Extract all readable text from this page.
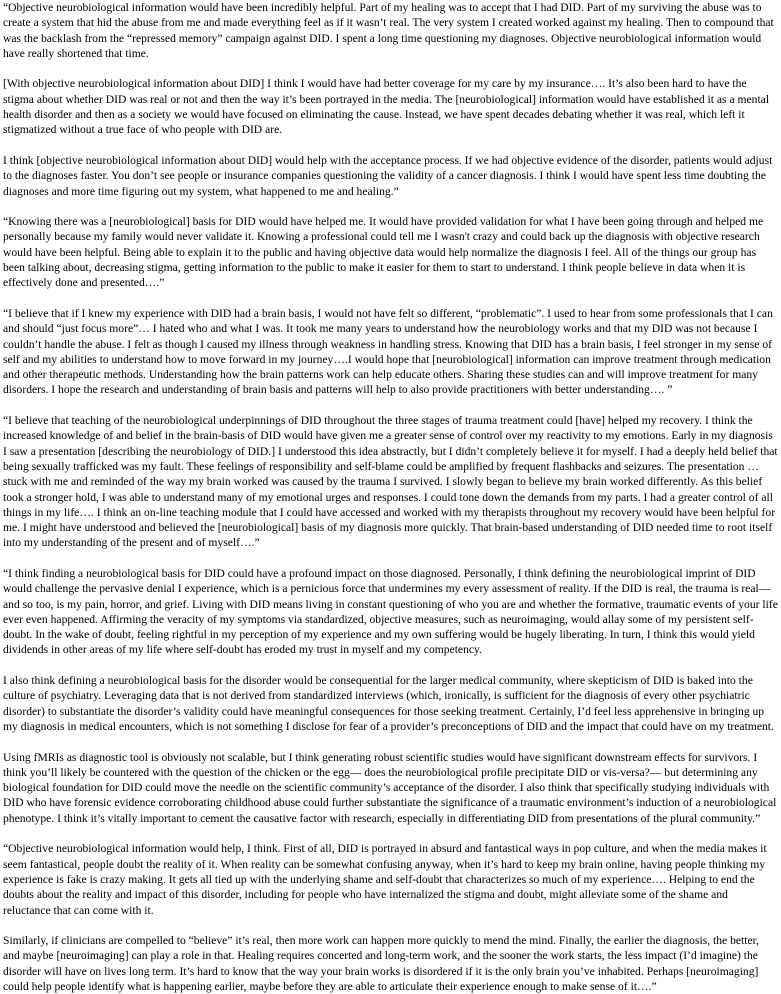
“Objective neurobiological information would have been incredibly helpful. Part of my healing was to accept that I had DID. Part of my surviving the abuse was to create a system that hid the abuse from me and made everything feel as if it wasn’t real. The very system I created worked against my healing. Then to compound that was the backlash from the “repressed memory” campaign against DID. I spent a long time questioning my diagnoses. Objective neurobiological information would have really shortened that time.

[With objective neurobiological information about DID] I think I would have had better coverage for my care by my insurance…. It’s also been hard to have the stigma about whether DID was real or not and then the way it’s been portrayed in the media. The [neurobiological] information would have established it as a mental health disorder and then as a society we would have focused on eliminating the cause. Instead, we have spent decades debating whether it was real, which left it stigmatized without a true face of who people with DID are.

I think [objective neurobiological information about DID] would help with the acceptance process. If we had objective evidence of the disorder, patients would adjust to the diagnoses faster. You don’t see people or insurance companies questioning the validity of a cancer diagnosis. I think I would have spent less time doubting the diagnoses and more time figuring out my system, what happened to me and healing.”

“Knowing there was a [neurobiological] basis for DID would have helped me. It would have provided validation for what I have been going through and helped me personally because my family would never validate it. Knowing a professional could tell me I wasn't crazy and could back up the diagnosis with objective research would have been helpful. Being able to explain it to the public and having objective data would help normalize the diagnosis I feel. All of the things our group has been talking about, decreasing stigma, getting information to the public to make it easier for them to start to understand. I think people believe in data when it is effectively done and presented….”

“I believe that if I knew my experience with DID had a brain basis, I would not have felt so different, “problematic”. I used to hear from some professionals that I can and should “just focus more”… I hated who and what I was. It took me many years to understand how the neurobiology works and that my DID was not because I couldn’t handle the abuse. I felt as though I caused my illness through weakness in handling stress. Knowing that DID has a brain basis, I feel stronger in my sense of self and my abilities to understand how to move forward in my journey….I would hope that [neurobiological] information can improve treatment through medication and other therapeutic methods. Understanding how the brain patterns work can help educate others. Sharing these studies can and will improve treatment for many disorders. I hope the research and understanding of brain basis and patterns will help to also provide practitioners with better understanding…. ”

“I believe that teaching of the neurobiological underpinnings of DID throughout the three stages of trauma treatment could [have] helped my recovery. I think the increased knowledge of and belief in the brain-basis of DID would have given me a greater sense of control over my reactivity to my emotions. Early in my diagnosis I saw a presentation [describing the neurobiology of DID.] I understood this idea abstractly, but I didn’t completely believe it for myself. I had a deeply held belief that being sexually trafficked was my fault. These feelings of responsibility and self-blame could be amplified by frequent flashbacks and seizures. The presentation … stuck with me and reminded of the way my brain worked was caused by the trauma I survived. I slowly began to believe my brain worked differently. As this belief took a stronger hold, I was able to understand many of my emotional urges and responses. I could tone down the demands from my parts. I had a greater control of all things in my life…. I think an on-line teaching module that I could have accessed and worked with my therapists throughout my recovery would have been helpful for me. I might have understood and believed the [neurobiological] basis of my diagnosis more quickly. That brain-based understanding of DID needed time to root itself into my understanding of the present and of myself….”

“I think finding a neurobiological basis for DID could have a profound impact on those diagnosed. Personally, I think defining the neurobiological imprint of DID would challenge the pervasive denial I experience, which is a pernicious force that undermines my every assessment of reality. If the DID is real, the trauma is real— and so too, is my pain, horror, and grief. Living with DID means living in constant questioning of who you are and whether the formative, traumatic events of your life ever even happened. Affirming the veracity of my symptoms via standardized, objective measures, such as neuroimaging, would allay some of my persistent self-doubt. In the wake of doubt, feeling rightful in my perception of my experience and my own suffering would be hugely liberating. In turn, I think this would yield dividends in other areas of my life where self-doubt has eroded my trust in myself and my competency.

I also think defining a neurobiological basis for the disorder would be consequential for the larger medical community, where skepticism of DID is baked into the culture of psychiatry. Leveraging data that is not derived from standardized interviews (which, ironically, is sufficient for the diagnosis of every other psychiatric disorder) to substantiate the disorder’s validity could have meaningful consequences for those seeking treatment. Certainly, I’d feel less apprehensive in bringing up my diagnosis in medical encounters, which is not something I disclose for fear of a provider’s preconceptions of DID and the impact that could have on my treatment.

Using fMRIs as diagnostic tool is obviously not scalable, but I think generating robust scientific studies would have significant downstream effects for survivors. I think you’ll likely be countered with the question of the chicken or the egg— does the neurobiological profile precipitate DID or vis-versa?— but determining any biological foundation for DID could move the needle on the scientific community’s acceptance of the disorder. I also think that specifically studying individuals with DID who have forensic evidence corroborating childhood abuse could further substantiate the significance of a traumatic environment’s induction of a neurobiological phenotype. I think it’s vitally important to cement the causative factor with research, especially in differentiating DID from presentations of the plural community.”

“Objective neurobiological information would help, I think. First of all, DID is portrayed in absurd and fantastical ways in pop culture, and when the media makes it seem fantastical, people doubt the reality of it. When reality can be somewhat confusing anyway, when it’s hard to keep my brain online, having people thinking my experience is fake is crazy making. It gets all tied up with the underlying shame and self-doubt that characterizes so much of my experience…. Helping to end the doubts about the reality and impact of this disorder, including for people who have internalized the stigma and doubt, might alleviate some of the shame and reluctance that can come with it.

Similarly, if clinicians are compelled to “believe” it’s real, then more work can happen more quickly to mend the mind. Finally, the earlier the diagnosis, the better, and maybe [neuroimaging] can play a role in that. Healing requires concerted and long-term work, and the sooner the work starts, the less impact (I’d imagine) the disorder will have on lives long term. It’s hard to know that the way your brain works is disordered if it is the only brain you’ve inhabited. Perhaps [neuroimaging] could help people identify what is happening earlier, maybe before they are able to articulate their experience enough to make sense of it….”
